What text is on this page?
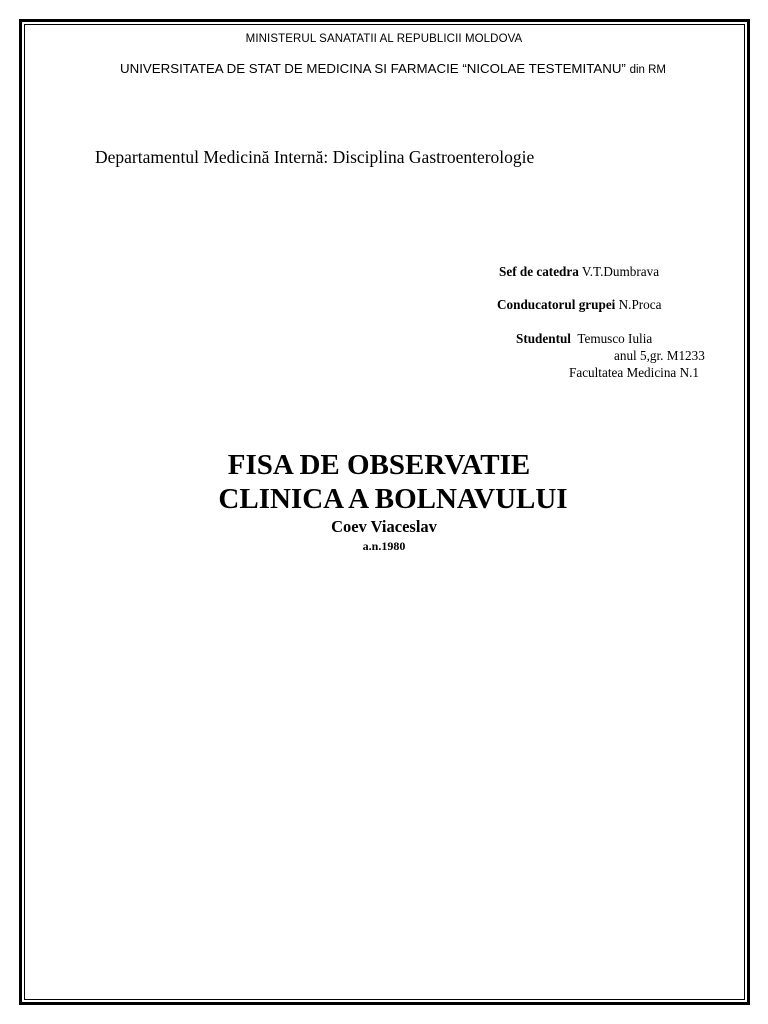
MINISTERUL SANATATII AL REPUBLICII MOLDOVA
UNIVERSITATEA DE STAT DE MEDICINA SI FARMACIE “NICOLAE TESTEMITANU” din RM
Departamentul Medicină Internă: Disciplina Gastroenterologie
Sef de catedra V.T.Dumbrava
Conducatorul grupei N.Proca
Studentul Temusco Iulia
anul 5,gr. M1233
Facultatea Medicina N.1
FISA DE OBSERVATIE
CLINICA A BOLNAVULUI
Coev Viaceslav
a.n.1980
